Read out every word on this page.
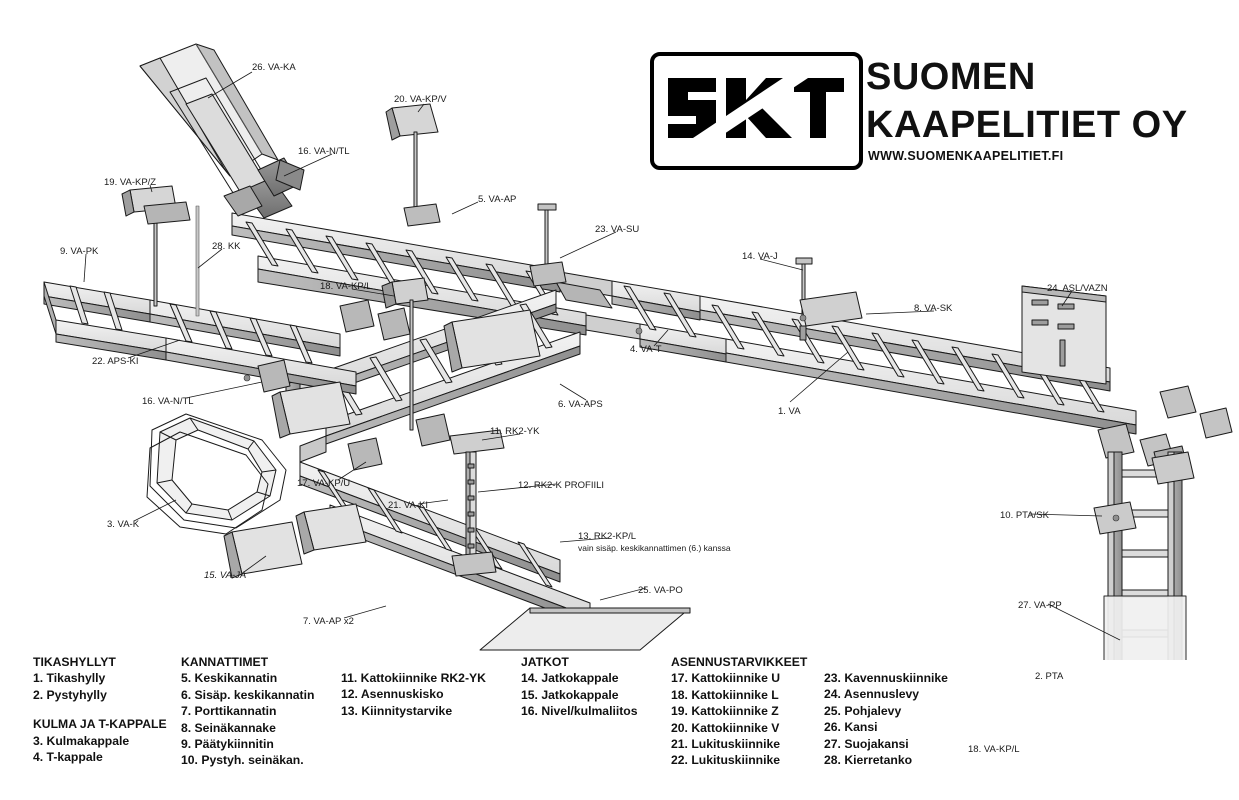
SUOMEN
KAAPELITIET OY
WWW.SUOMENKAAPELITIET.FI
26. VA-KA
20. VA-KP/V
16. VA-N/TL
19. VA-KP/Z
5. VA-AP
23. VA-SU
9. VA-PK	28. KK
14. VA-J
18. VA-KP/L	24. ASL/VAZN
8. VA-SK
22. APS-KI
4. VA-T
1. VA
16. VA-N/TL	6. VA-APS
11. RK2-YK
17. VA-KP/U	12. RK2-K PROFIILI
21. VA-KI
3. VA-K
10. PTA/SK
25. VA-PO
15. VA-JA
7. VA-AP x2
27. VA-PP
2. PTA
18. VA-KP/L
13. RK2-KP/L
vain sisäp. keskikannattimen (6.) kanssa
TIKASHYLLYT
1. Tikashylly
2. Pystyhylly
KULMA JA T-KAPPALE
3. Kulmakappale
4. T-kappale
KANNATTIMET
5. Keskikannatin
6. Sisäp. keskikannatin
7. Porttikannatin
8. Seinäkannake
9. Päätykiinnitin
10. Pystyh. seinäkan.
11. Kattokiinnike RK2-YK
12. Asennuskisko
13. Kiinnitystarvike
JATKOT
14. Jatkokappale
15. Jatkokappale
16. Nivel/kulmaliitos
ASENNUSTARVIKKEET
17. Kattokiinnike U
18. Kattokiinnike L
19. Kattokiinnike Z
20. Kattokiinnike V
21. Lukituskiinnike
22. Lukituskiinnike
23. Kavennuskiinnike
24. Asennuslevy
25. Pohjalevy
26. Kansi
27. Suojakansi
28. Kierretanko
